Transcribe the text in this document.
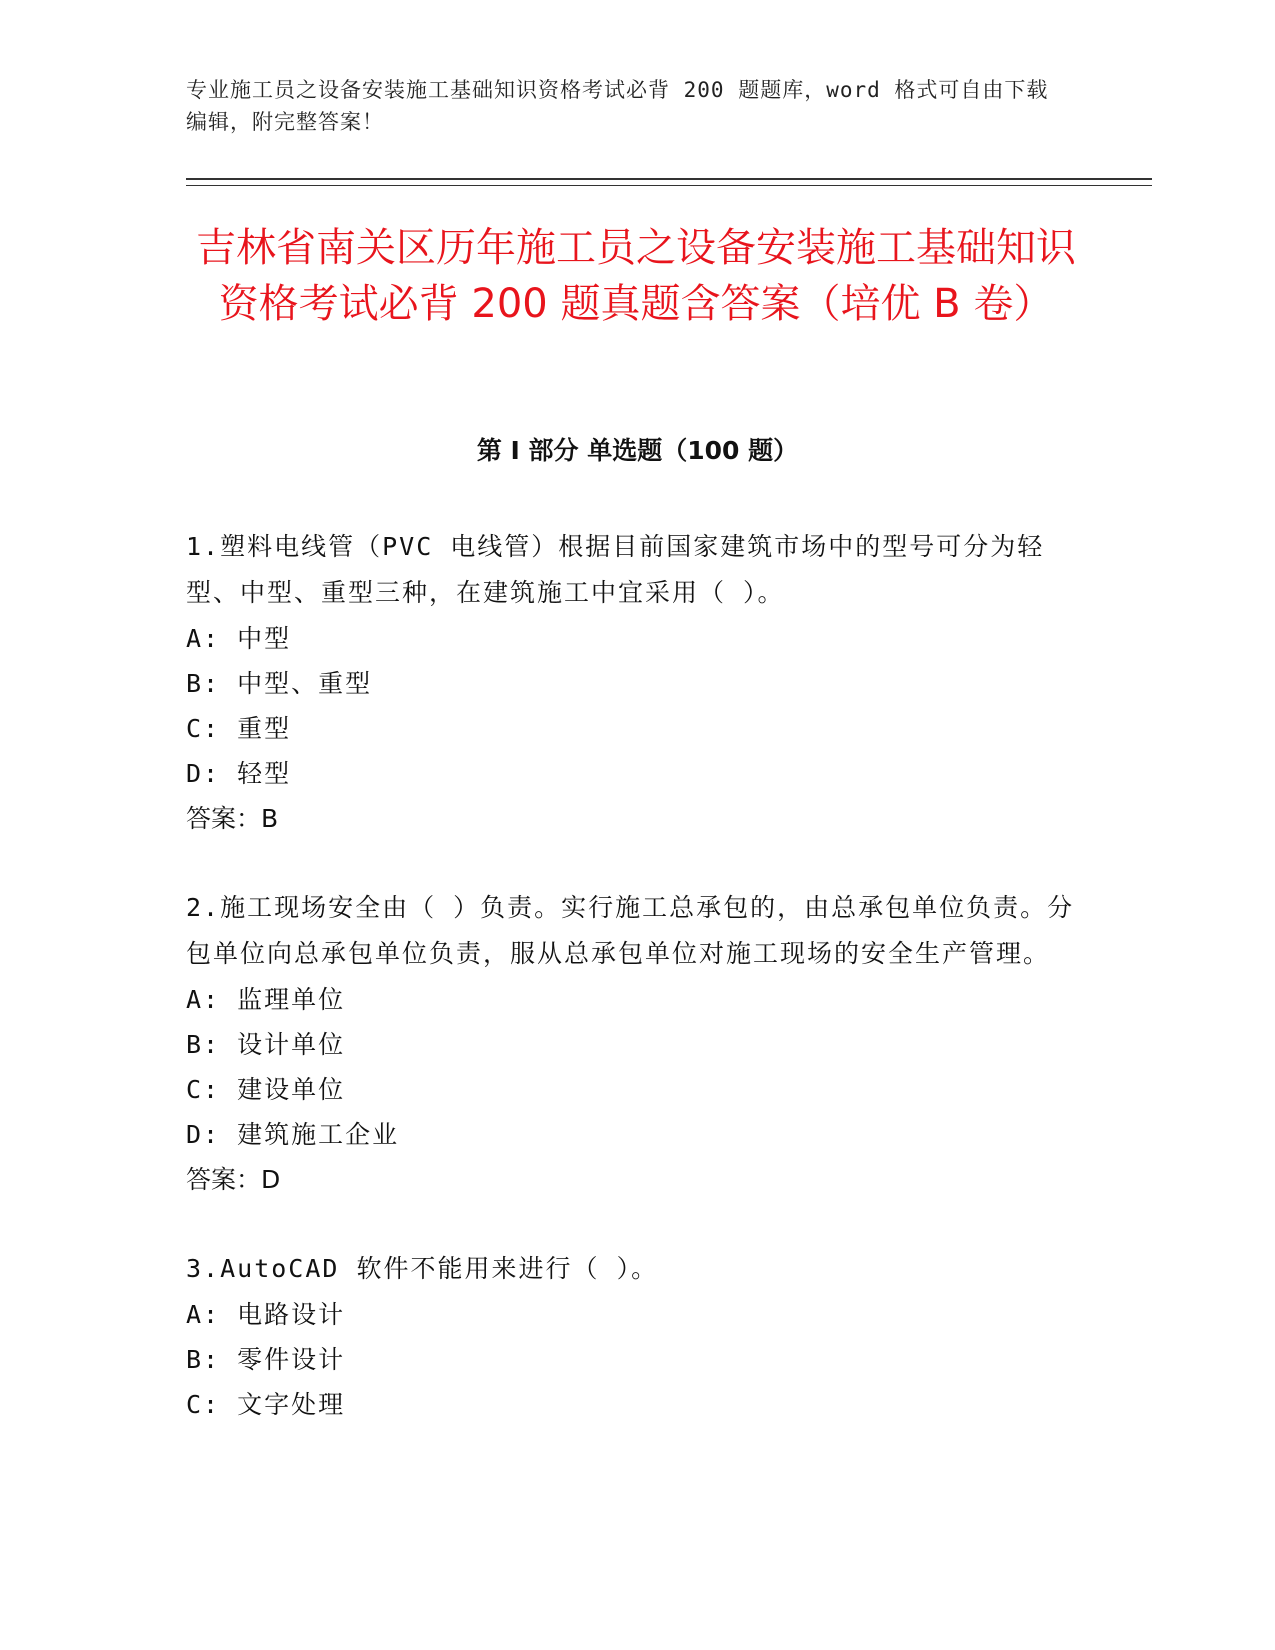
专业施工员之设备安装施工基础知识资格考试必背 200 题题库，word 格式可自由下载编辑，附完整答案！
吉林省南关区历年施工员之设备安装施工基础知识资格考试必背 200 题真题含答案（培优 B 卷）
第 I 部分 单选题（100 题）

1.塑料电线管（PVC 电线管）根据目前国家建筑市场中的型号可分为轻型、中型、重型三种，在建筑施工中宜采用（ ）。

A: 中型

B: 中型、重型

C: 重型

D: 轻型

答案：B

2.施工现场安全由（ ）负责。实行施工总承包的，由总承包单位负责。分包单位向总承包单位负责，服从总承包单位对施工现场的安全生产管理。

A: 监理单位

B: 设计单位

C: 建设单位

D: 建筑施工企业

答案：D

3.AutoCAD 软件不能用来进行（ ）。

A: 电路设计

B: 零件设计

C: 文字处理
